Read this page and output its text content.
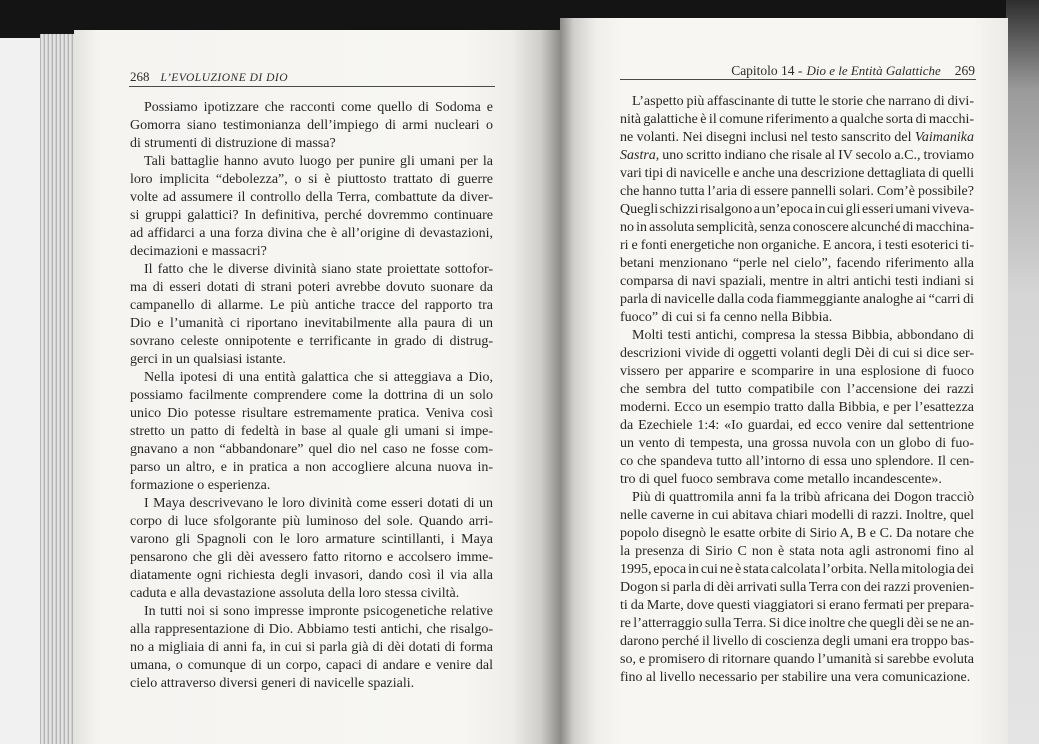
268 L’EVOLUZIONE DI DIO
Possiamo ipotizzare che racconti come quello di Sodoma e
Gomorra siano testimonianza dell’impiego di armi nucleari o
di strumenti di distruzione di massa?
Tali battaglie hanno avuto luogo per punire gli umani per la
loro implicita “debolezza”, o si è piuttosto trattato di guerre
volte ad assumere il controllo della Terra, combattute da diver-
si gruppi galattici? In definitiva, perché dovremmo continuare
ad affidarci a una forza divina che è all’origine di devastazioni,
decimazioni e massacri?
Il fatto che le diverse divinità siano state proiettate sottofor-
ma di esseri dotati di strani poteri avrebbe dovuto suonare da
campanello di allarme. Le più antiche tracce del rapporto tra
Dio e l’umanità ci riportano inevitabilmente alla paura di un
sovrano celeste onnipotente e terrificante in grado di distrug-
gerci in un qualsiasi istante.
Nella ipotesi di una entità galattica che si atteggiava a Dio,
possiamo facilmente comprendere come la dottrina di un solo
unico Dio potesse risultare estremamente pratica. Veniva così
stretto un patto di fedeltà in base al quale gli umani si impe-
gnavano a non “abbandonare” quel dio nel caso ne fosse com-
parso un altro, e in pratica a non accogliere alcuna nuova in-
formazione o esperienza.
I Maya descrivevano le loro divinità come esseri dotati di un
corpo di luce sfolgorante più luminoso del sole. Quando arri-
varono gli Spagnoli con le loro armature scintillanti, i Maya
pensarono che gli dèi avessero fatto ritorno e accolsero imme-
diatamente ogni richiesta degli invasori, dando così il via alla
caduta e alla devastazione assoluta della loro stessa civiltà.
In tutti noi si sono impresse impronte psicogenetiche relative
alla rappresentazione di Dio. Abbiamo testi antichi, che risalgo-
no a migliaia di anni fa, in cui si parla già di dèi dotati di forma
umana, o comunque di un corpo, capaci di andare e venire dal
cielo attraverso diversi generi di navicelle spaziali.
Capitolo 14 - Dio e le Entità Galattiche 269
L’aspetto più affascinante di tutte le storie che narrano di divi-
nità galattiche è il comune riferimento a qualche sorta di macchi-
ne volanti. Nei disegni inclusi nel testo sanscrito del Vaimanika
Sastra, uno scritto indiano che risale al IV secolo a.C., troviamo
vari tipi di navicelle e anche una descrizione dettagliata di quelli
che hanno tutta l’aria di essere pannelli solari. Com’è possibile?
Quegli schizzi risalgono a un’epoca in cui gli esseri umani viveva-
no in assoluta semplicità, senza conoscere alcunché di macchina-
ri e fonti energetiche non organiche. E ancora, i testi esoterici ti-
betani menzionano “perle nel cielo”, facendo riferimento alla
comparsa di navi spaziali, mentre in altri antichi testi indiani si
parla di navicelle dalla coda fiammeggiante analoghe ai “carri di
fuoco” di cui si fa cenno nella Bibbia.
Molti testi antichi, compresa la stessa Bibbia, abbondano di
descrizioni vivide di oggetti volanti degli Dèi di cui si dice ser-
vissero per apparire e scomparire in una esplosione di fuoco
che sembra del tutto compatibile con l’accensione dei razzi
moderni. Ecco un esempio tratto dalla Bibbia, e per l’esattezza
da Ezechiele 1:4: «Io guardai, ed ecco venire dal settentrione
un vento di tempesta, una grossa nuvola con un globo di fuo-
co che spandeva tutto all’intorno di essa uno splendore. Il cen-
tro di quel fuoco sembrava come metallo incandescente».
Più di quattromila anni fa la tribù africana dei Dogon tracciò
nelle caverne in cui abitava chiari modelli di razzi. Inoltre, quel
popolo disegnò le esatte orbite di Sirio A, B e C. Da notare che
la presenza di Sirio C non è stata nota agli astronomi fino al
1995, epoca in cui ne è stata calcolata l’orbita. Nella mitologia dei
Dogon si parla di dèi arrivati sulla Terra con dei razzi provenien-
ti da Marte, dove questi viaggiatori si erano fermati per prepara-
re l’atterraggio sulla Terra. Si dice inoltre che quegli dèi se ne an-
darono perché il livello di coscienza degli umani era troppo bas-
so, e promisero di ritornare quando l’umanità si sarebbe evoluta
fino al livello necessario per stabilire una vera comunicazione.
